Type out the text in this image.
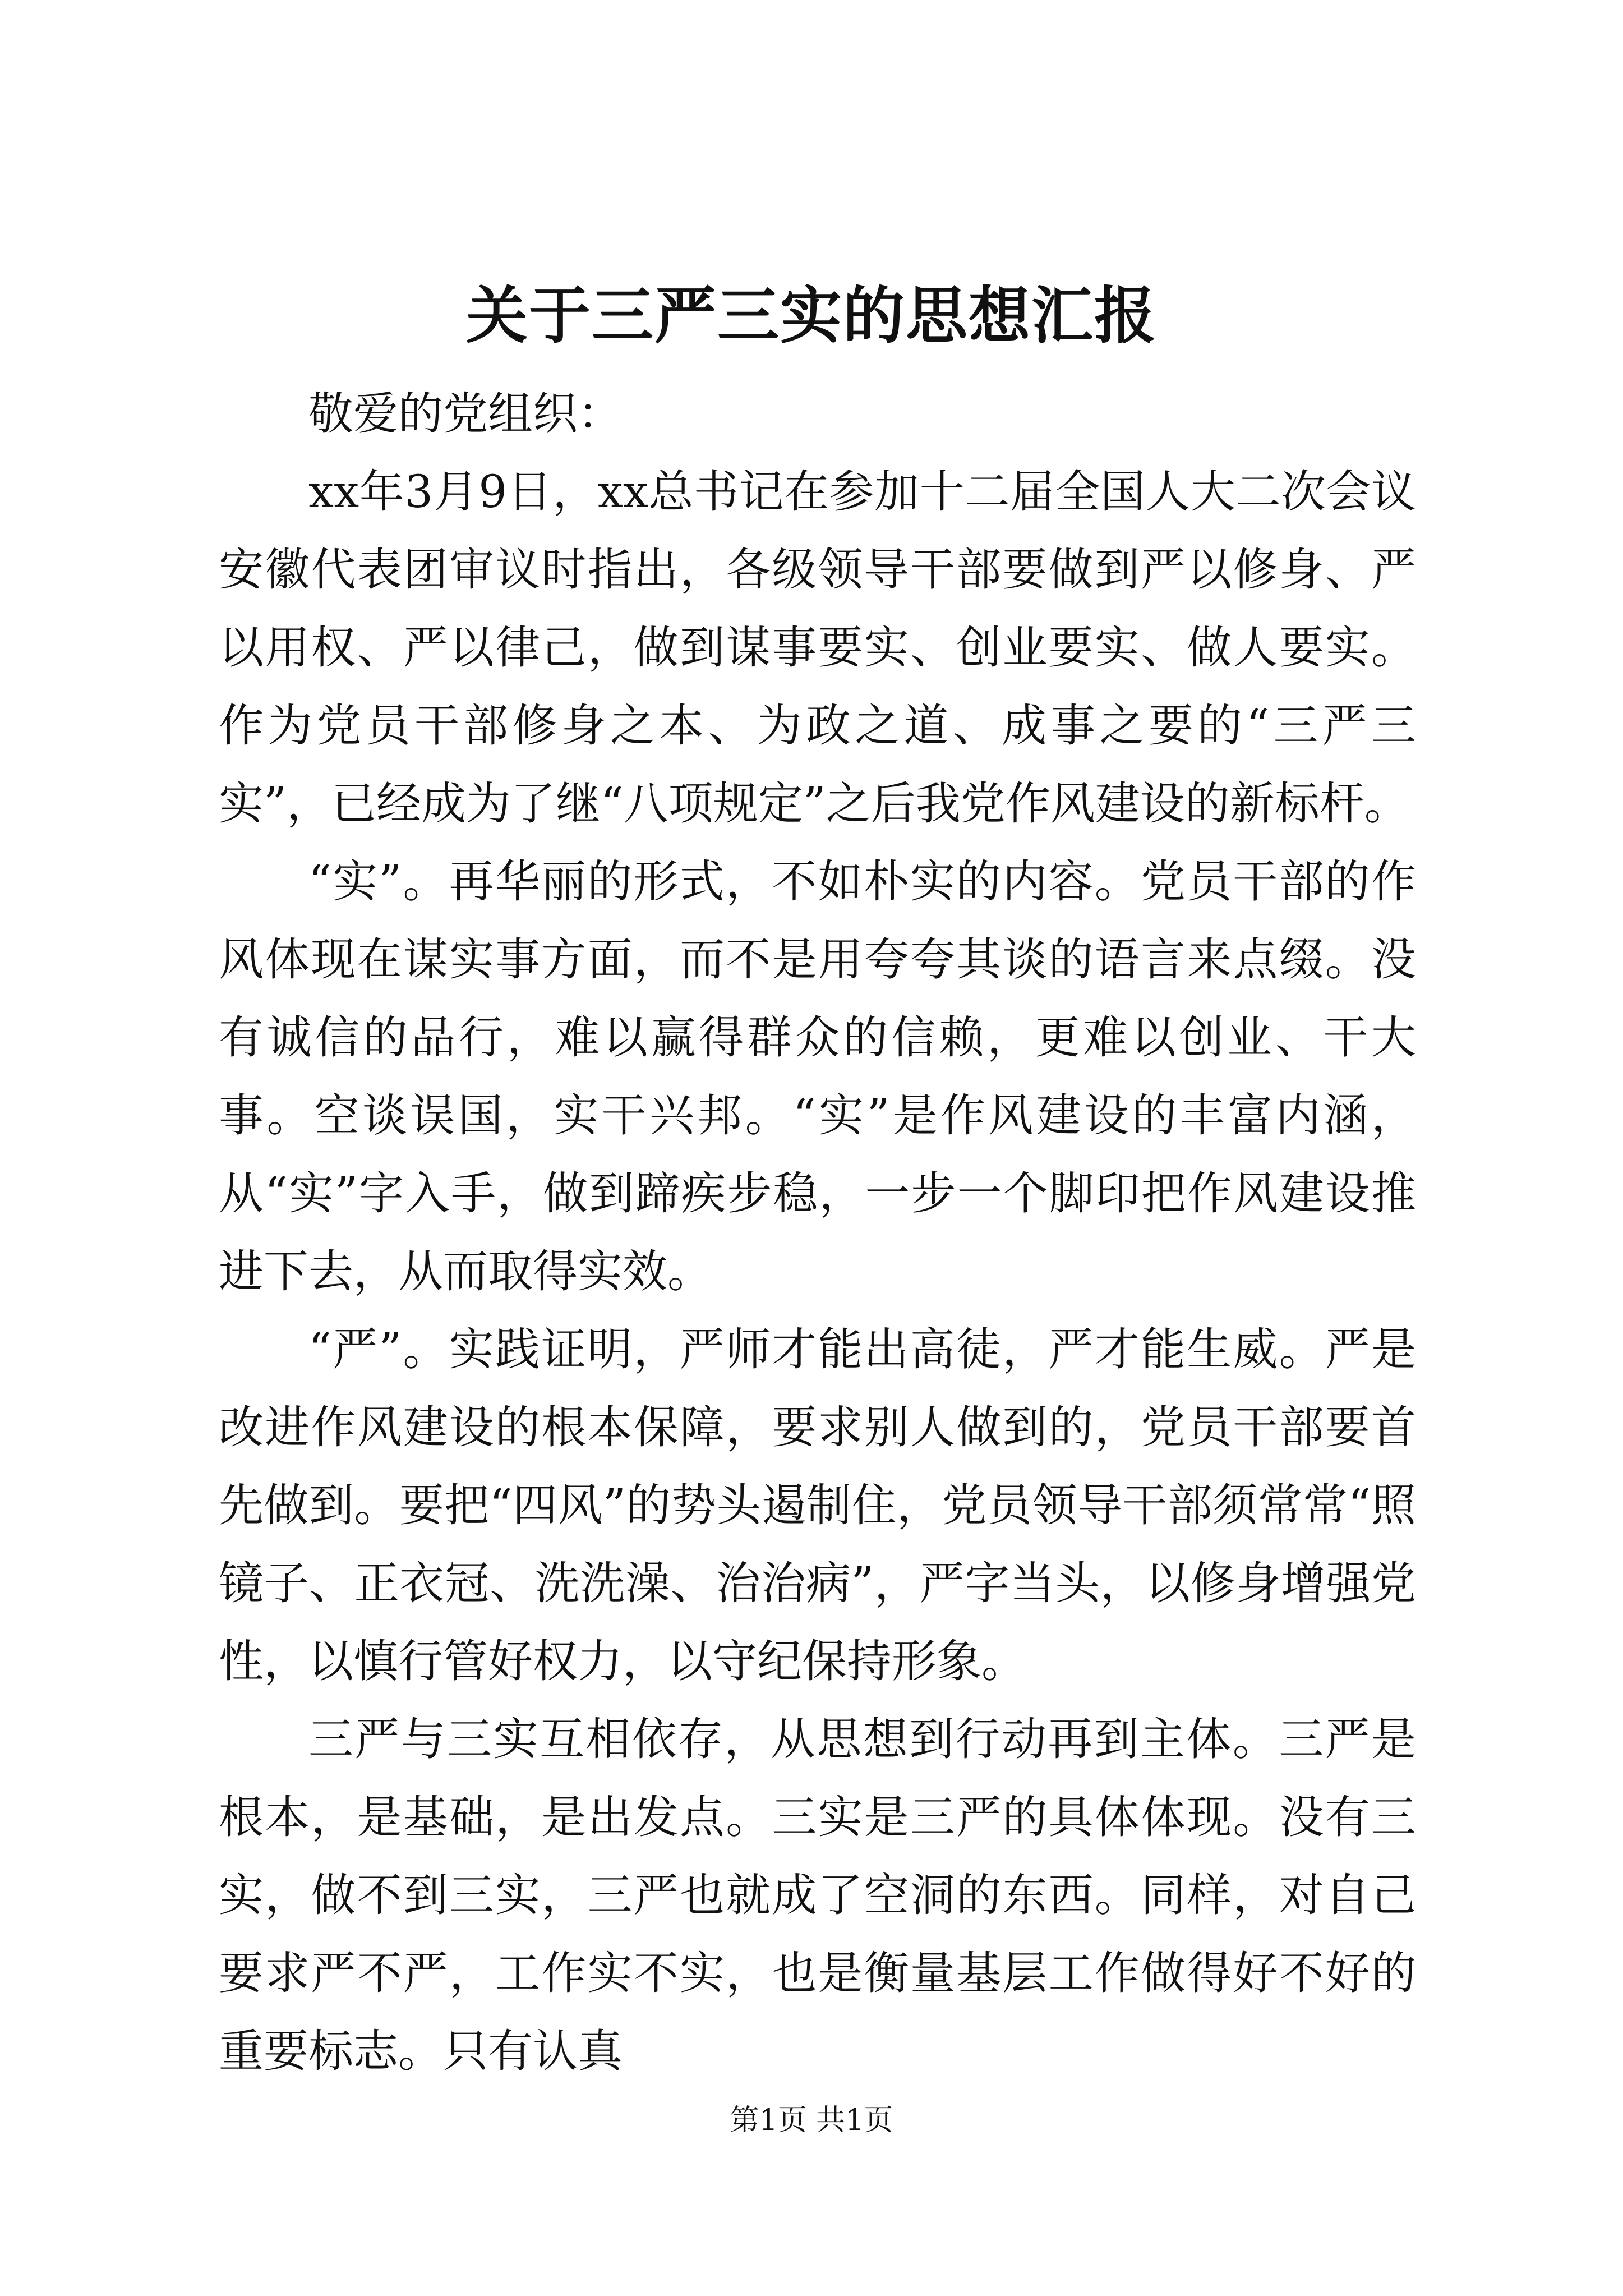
关于三严三实的思想汇报

敬爱的党组织：

xx年3月9日，xx总书记在参加十二届全国人大二次会议安徽代表团审议时指出，各级领导干部要做到严以修身、严以用权、严以律己，做到谋事要实、创业要实、做人要实。作为党员干部修身之本、为政之道、成事之要的“三严三实”，已经成为了继“八项规定”之后我党作风建设的新标杆。

“实”。再华丽的形式，不如朴实的内容。党员干部的作风体现在谋实事方面，而不是用夸夸其谈的语言来点缀。没有诚信的品行，难以赢得群众的信赖，更难以创业、干大事。空谈误国，实干兴邦。“实”是作风建设的丰富内涵，从“实”字入手，做到蹄疾步稳，一步一个脚印把作风建设推进下去，从而取得实效。

“严”。实践证明，严师才能出高徒，严才能生威。严是改进作风建设的根本保障，要求别人做到的，党员干部要首先做到。要把“四风”的势头遏制住，党员领导干部须常常“照镜子、正衣冠、洗洗澡、治治病”，严字当头，以修身增强党性，以慎行管好权力，以守纪保持形象。

三严与三实互相依存，从思想到行动再到主体。三严是根本，是基础，是出发点。三实是三严的具体体现。没有三实，做不到三实，三严也就成了空洞的东西。同样，对自己要求严不严，工作实不实，也是衡量基层工作做得好不好的重要标志。只有认真

第1页 共1页
